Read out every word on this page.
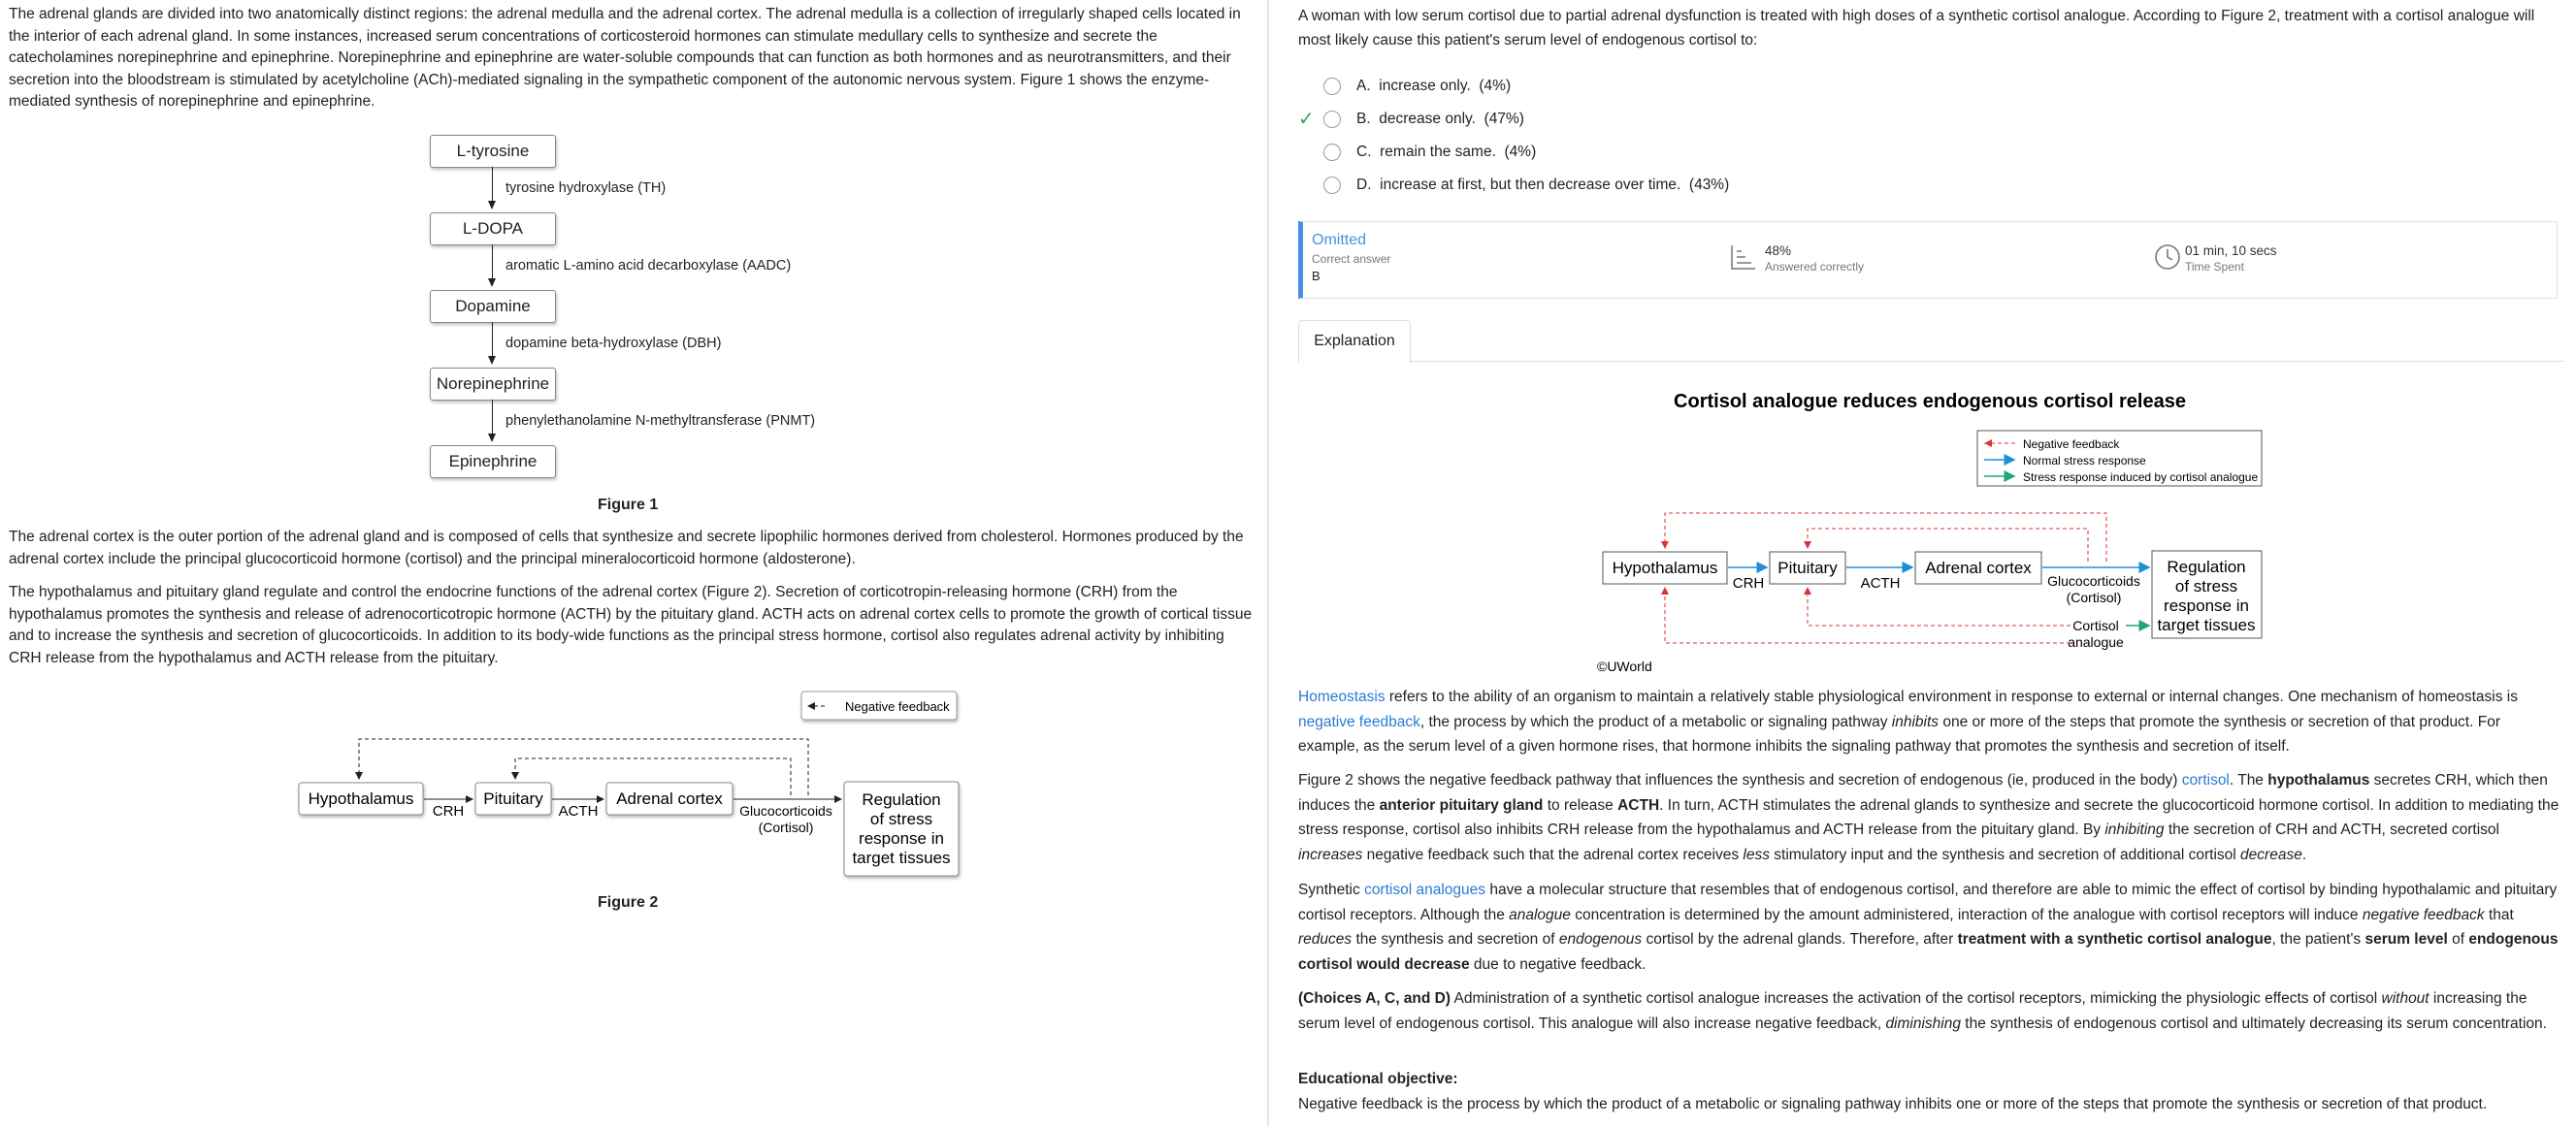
The adrenal glands are divided into two anatomically distinct regions: the adrenal medulla and the adrenal cortex. The adrenal medulla is a collection of irregularly shaped cells located in the interior of each adrenal gland. In some instances, increased serum concentrations of corticosteroid hormones can stimulate medullary cells to synthesize and secrete the catecholamines norepinephrine and epinephrine. Norepinephrine and epinephrine are water-soluble compounds that can function as both hormones and as neurotransmitters, and their secretion into the bloodstream is stimulated by acetylcholine (ACh)-mediated signaling in the sympathetic component of the autonomic nervous system. Figure 1 shows the enzyme-mediated synthesis of norepinephrine and epinephrine.

L-tyrosine
tyrosine hydroxylase (TH)
L-DOPA
aromatic L-amino acid decarboxylase (AADC)
Dopamine
dopamine beta-hydroxylase (DBH)
Norepinephrine
phenylethanolamine N-methyltransferase (PNMT)
Epinephrine
Figure 1

The adrenal cortex is the outer portion of the adrenal gland and is composed of cells that synthesize and secrete lipophilic hormones derived from cholesterol. Hormones produced by the adrenal cortex include the principal glucocorticoid hormone (cortisol) and the principal mineralocorticoid hormone (aldosterone).

The hypothalamus and pituitary gland regulate and control the endocrine functions of the adrenal cortex (Figure 2). Secretion of corticotropin-releasing hormone (CRH) from the hypothalamus promotes the synthesis and release of adrenocorticotropic hormone (ACTH) by the pituitary gland. ACTH acts on adrenal cortex cells to promote the growth of cortical tissue and to increase the synthesis and secretion of glucocorticoids. In addition to its body-wide functions as the principal stress hormone, cortisol also regulates adrenal activity by inhibiting CRH release from the hypothalamus and ACTH release from the pituitary.

Negative feedback
Hypothalamus	Pituitary	Adrenal cortex	Regulation
of stress
response in
target tissues
CRH	ACTH	Glucocorticoids
(Cortisol)
Figure 2
A woman with low serum cortisol due to partial adrenal dysfunction is treated with high doses of a synthetic cortisol analogue. According to Figure 2, treatment with a cortisol analogue will most likely cause this patient's serum level of endogenous cortisol to:
A. increase only. (4%)
✓	B. decrease only. (47%)
C. remain the same. (4%)
D. increase at first, but then decrease over time. (43%)
Omitted
Correct answer
B
48%
Answered correctly
01 min, 10 secs
Time Spent
Explanation
Cortisol analogue reduces endogenous cortisol release
Negative feedback
Normal stress response
Stress response induced by cortisol analogue
Hypothalamus	Pituitary	Adrenal cortex	Regulation
of stress
response in
target tissues
CRH	ACTH	Glucocorticoids
(Cortisol)
Cortisol
analogue
©UWorld

Homeostasis refers to the ability of an organism to maintain a relatively stable physiological environment in response to external or internal changes. One mechanism of homeostasis is negative feedback, the process by which the product of a metabolic or signaling pathway inhibits one or more of the steps that promote the synthesis or secretion of that product. For example, as the serum level of a given hormone rises, that hormone inhibits the signaling pathway that promotes the synthesis and secretion of itself.

Figure 2 shows the negative feedback pathway that influences the synthesis and secretion of endogenous (ie, produced in the body) cortisol. The hypothalamus secretes CRH, which then induces the anterior pituitary gland to release ACTH. In turn, ACTH stimulates the adrenal glands to synthesize and secrete the glucocorticoid hormone cortisol. In addition to mediating the stress response, cortisol also inhibits CRH release from the hypothalamus and ACTH release from the pituitary gland. By inhibiting the secretion of CRH and ACTH, secreted cortisol increases negative feedback such that the adrenal cortex receives less stimulatory input and the synthesis and secretion of additional cortisol decrease.

Synthetic cortisol analogues have a molecular structure that resembles that of endogenous cortisol, and therefore are able to mimic the effect of cortisol by binding hypothalamic and pituitary cortisol receptors. Although the analogue concentration is determined by the amount administered, interaction of the analogue with cortisol receptors will induce negative feedback that reduces the synthesis and secretion of endogenous cortisol by the adrenal glands. Therefore, after treatment with a synthetic cortisol analogue, the patient's serum level of endogenous cortisol would decrease due to negative feedback.

(Choices A, C, and D) Administration of a synthetic cortisol analogue increases the activation of the cortisol receptors, mimicking the physiologic effects of cortisol without increasing the serum level of endogenous cortisol. This analogue will also increase negative feedback, diminishing the synthesis of endogenous cortisol and ultimately decreasing its serum concentration.

Educational objective:
Negative feedback is the process by which the product of a metabolic or signaling pathway inhibits one or more of the steps that promote the synthesis or secretion of that product.
